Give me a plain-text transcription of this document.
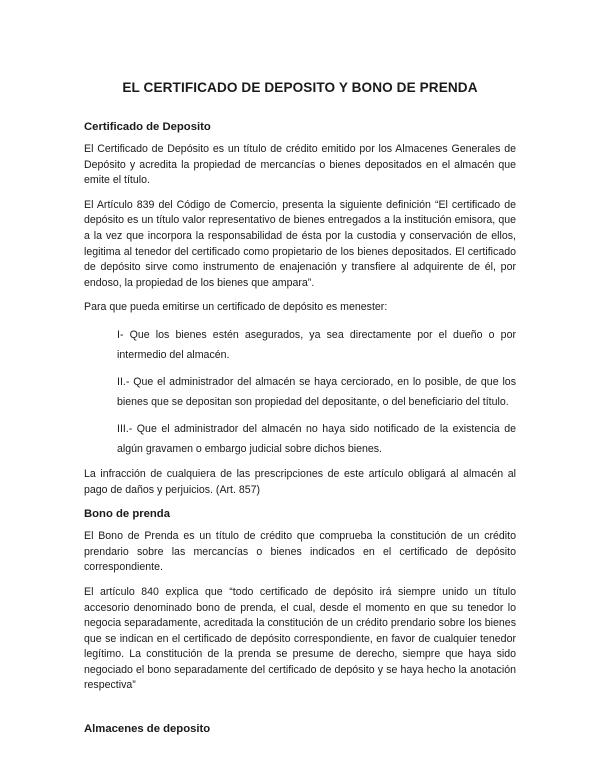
EL CERTIFICADO DE DEPOSITO Y BONO DE PRENDA
Certificado de Deposito

El Certificado de Depósito es un título de crédito emitido por los Almacenes Generales de Depósito y acredita la propiedad de mercancías o bienes depositados en el almacén que emite el título.

El Artículo 839 del Código de Comercio, presenta la siguiente definición “El certificado de depósito es un título valor representativo de bienes entregados a la institución emisora, que a la vez que incorpora la responsabilidad de ésta por la custodia y conservación de ellos, legitima al tenedor del certificado como propietario de los bienes depositados. El certificado de depósito sirve como instrumento de enajenación y transfiere al adquirente de él, por endoso, la propiedad de los bienes que ampara”.

Para que pueda emitirse un certificado de depósito es menester:

I- Que los bienes estén asegurados, ya sea directamente por el dueño o por intermedio del almacén.

II.- Que el administrador del almacén se haya cerciorado, en lo posible, de que los bienes que se depositan son propiedad del depositante, o del beneficiario del título.

III.- Que el administrador del almacén no haya sido notificado de la existencia de algún gravamen o embargo judicial sobre dichos bienes.

La infracción de cualquiera de las prescripciones de este artículo obligará al almacén al pago de daños y perjuicios. (Art. 857)

Bono de prenda

El Bono de Prenda es un título de crédito que comprueba la constitución de un crédito prendario sobre las mercancías o bienes indicados en el certificado de depósito correspondiente.

El artículo 840 explica que “todo certificado de depósito irá siempre unido un título accesorio denominado bono de prenda, el cual, desde el momento en que su tenedor lo negocia separadamente, acreditada la constitución de un crédito prendario sobre los bienes que se indican en el certificado de depósito correspondiente, en favor de cualquier tenedor legítimo. La constitución de la prenda se presume de derecho, siempre que haya sido negociado el bono separadamente del certificado de depósito y se haya hecho la anotación respectiva”

Almacenes de deposito
